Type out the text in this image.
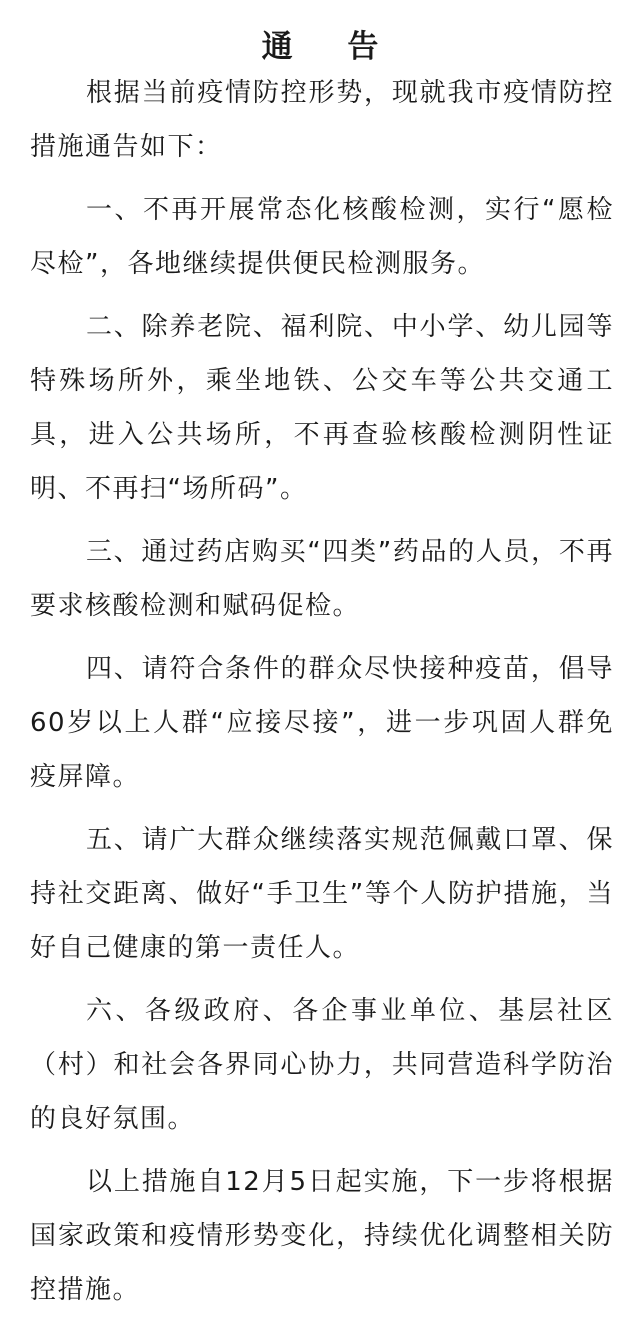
通 告

根据当前疫情防控形势，现就我市疫情防控措施通告如下：

一、不再开展常态化核酸检测，实行“愿检尽检”，各地继续提供便民检测服务。

二、除养老院、福利院、中小学、幼儿园等特殊场所外，乘坐地铁、公交车等公共交通工具，进入公共场所，不再查验核酸检测阴性证明、不再扫“场所码”。

三、通过药店购买“四类”药品的人员，不再要求核酸检测和赋码促检。

四、请符合条件的群众尽快接种疫苗，倡导60岁以上人群“应接尽接”，进一步巩固人群免疫屏障。

五、请广大群众继续落实规范佩戴口罩、保持社交距离、做好“手卫生”等个人防护措施，当好自己健康的第一责任人。

六、各级政府、各企事业单位、基层社区（村）和社会各界同心协力，共同营造科学防治的良好氛围。

以上措施自12月5日起实施，下一步将根据国家政策和疫情形势变化，持续优化调整相关防控措施。
